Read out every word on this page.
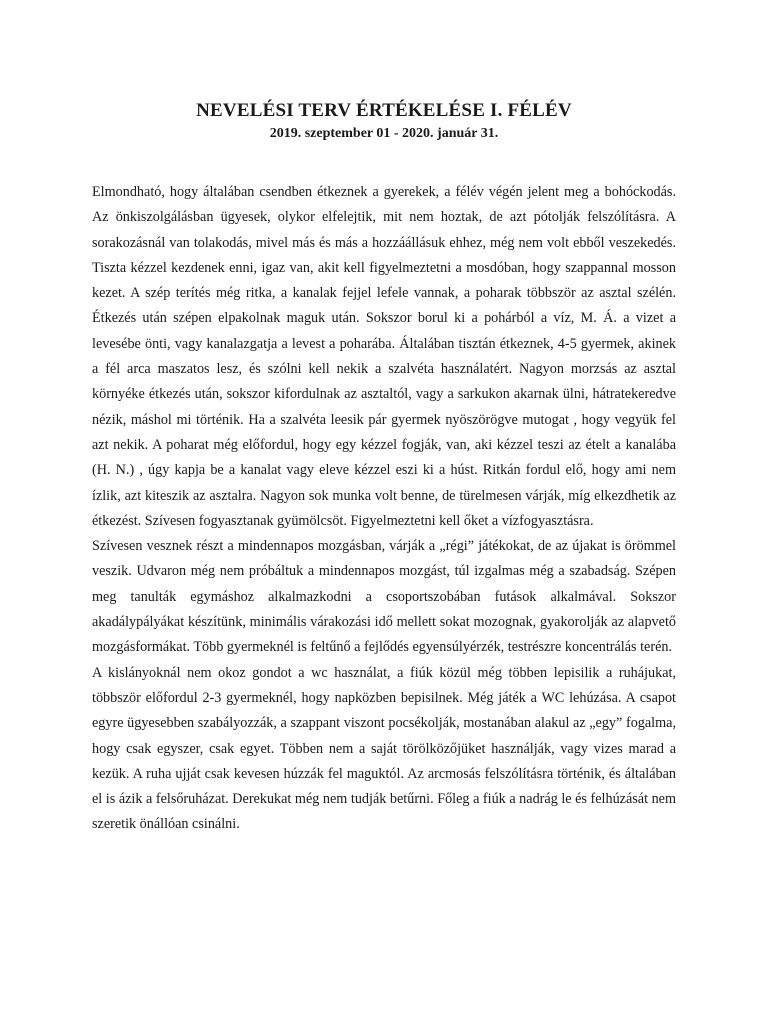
NEVELÉSI TERV ÉRTÉKELÉSE I. FÉLÉV
2019. szeptember 01 - 2020. január 31.

Elmondható, hogy általában csendben étkeznek a gyerekek, a félév végén jelent meg a bohóckodás. Az önkiszolgálásban ügyesek, olykor elfelejtik, mit nem hoztak, de azt pótolják felszólításra. A sorakozásnál van tolakodás, mivel más és más a hozzáállásuk ehhez, még nem volt ebből veszekedés. Tiszta kézzel kezdenek enni, igaz van, akit kell figyelmeztetni a mosdóban, hogy szappannal mosson kezet. A szép terítés még ritka, a kanalak fejjel lefele vannak, a poharak többször az asztal szélén. Étkezés után szépen elpakolnak maguk után. Sokszor borul ki a pohárból a víz, M. Á. a vizet a levesébe önti, vagy kanalazgatja a levest a poharába. Általában tisztán étkeznek, 4-5 gyermek, akinek a fél arca maszatos lesz, és szólni kell nekik a szalvéta használatért. Nagyon morzsás az asztal környéke étkezés után, sokszor kifordulnak az asztaltól, vagy a sarkukon akarnak ülni, hátratekeredve nézik, máshol mi történik. Ha a szalvéta leesik pár gyermek nyöszörögve mutogat , hogy vegyük fel azt nekik. A poharat még előfordul, hogy egy kézzel fogják, van, aki kézzel teszi az ételt a kanalába (H. N.) , úgy kapja be a kanalat vagy eleve kézzel eszi ki a húst. Ritkán fordul elő, hogy ami nem ízlik, azt kiteszik az asztalra. Nagyon sok munka volt benne, de türelmesen várják, míg elkezdhetik az étkezést. Szívesen fogyasztanak gyümölcsöt. Figyelmeztetni kell őket a vízfogyasztásra.

Szívesen vesznek részt a mindennapos mozgásban, várják a „régi” játékokat, de az újakat is örömmel veszik. Udvaron még nem próbáltuk a mindennapos mozgást, túl izgalmas még a szabadság. Szépen meg tanulták egymáshoz alkalmazkodni a csoportszobában futások alkalmával. Sokszor akadálypályákat készítünk, minimális várakozási idő mellett sokat mozognak, gyakorolják az alapvető mozgásformákat. Több gyermeknél is feltűnő a fejlődés egyensúlyérzék, testrészre koncentrálás terén.

A kislányoknál nem okoz gondot a wc használat, a fiúk közül még többen lepisilik a ruhájukat, többször előfordul 2-3 gyermeknél, hogy napközben bepisilnek. Még játék a WC lehúzása. A csapot egyre ügyesebben szabályozzák, a szappant viszont pocsékolják, mostanában alakul az „egy” fogalma, hogy csak egyszer, csak egyet. Többen nem a saját törölközőjüket használják, vagy vizes marad a kezük. A ruha ujját csak kevesen húzzák fel maguktól. Az arcmosás felszólításra történik, és általában el is ázik a felsőruházat. Derekukat még nem tudják betűrni. Főleg a fiúk a nadrág le és felhúzását nem szeretik önállóan csinálni.
